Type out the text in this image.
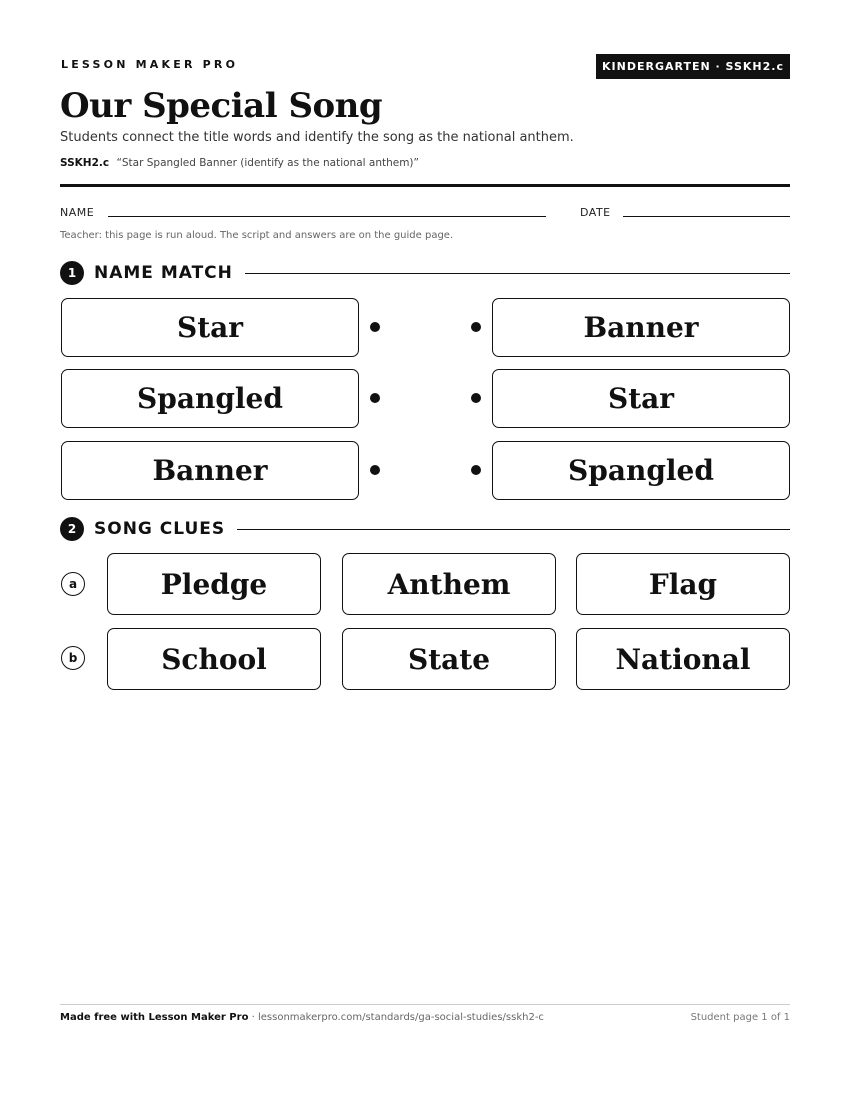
LESSON MAKER PRO	KINDERGARTEN · SSKH2.c
Our Special Song
Students connect the title words and identify the song as the national anthem.
SSKH2.c “Star Spangled Banner (identify as the national anthem)”
NAME	DATE
Teacher: this page is run aloud. The script and answers are on the guide page.
1	NAME MATCH
Star	Banner
Spangled	Star
Banner	Spangled
2	SONG CLUES
a	Pledge	Anthem	Flag
b	School	State	National
Made free with Lesson Maker Pro · lessonmakerpro.com/standards/ga-social-studies/sskh2-c	Student page 1 of 1
